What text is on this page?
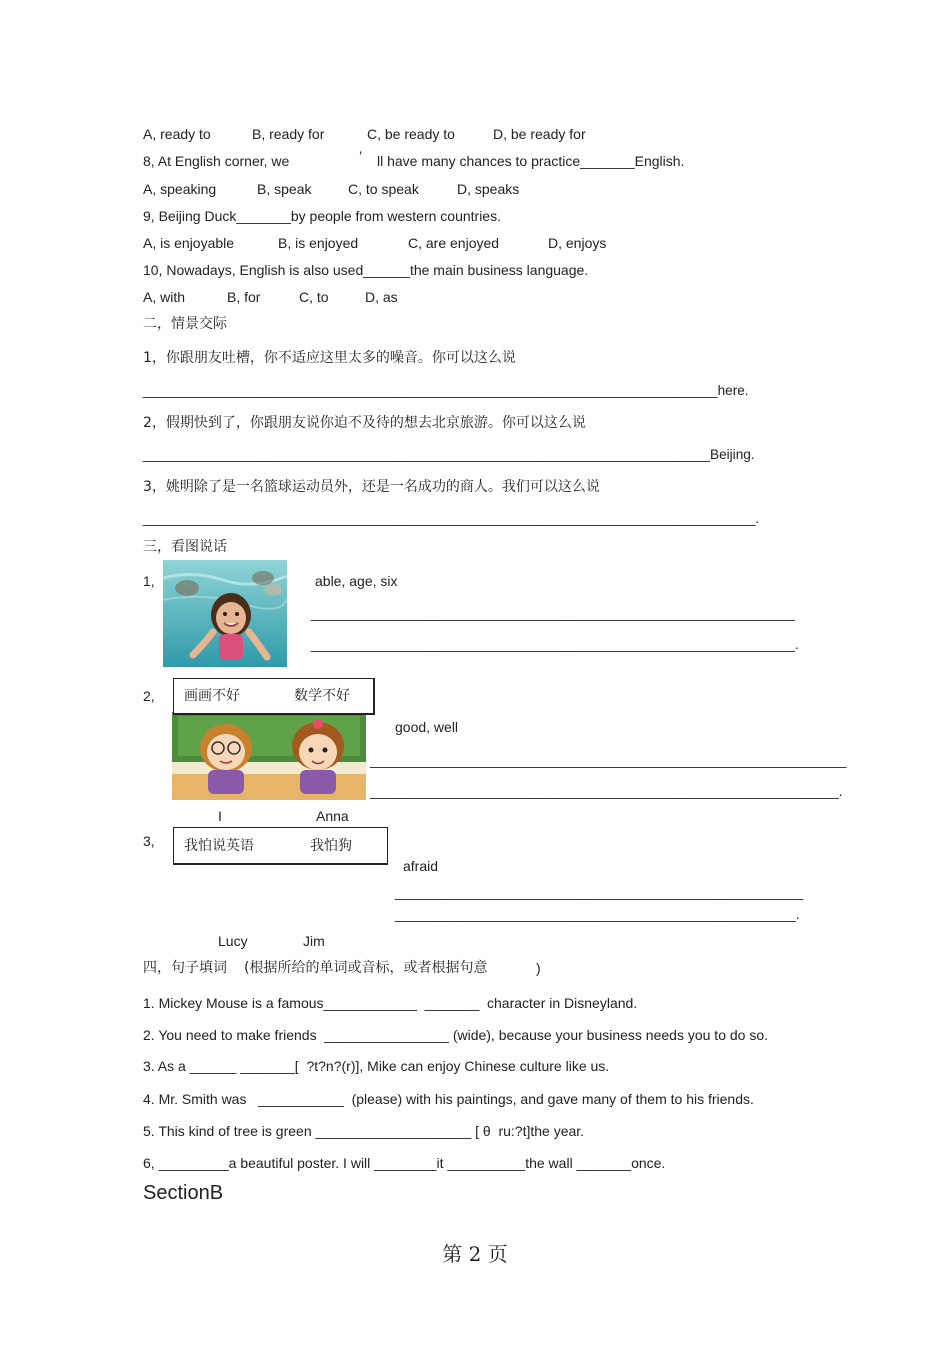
A, ready to	B, ready for	C, be ready to	D, be ready for
8, At English corner, we	’ ll have many chances to practice_______English.
A, speaking	B, speak	C, to speak	D, speaks
9, Beijing Duck_______by people from western countries.
A, is enjoyable	B, is enjoyed	C, are enjoyed	D, enjoys
10, Nowadays, English is also used______the main business language.
A, with	B, for	C, to	D, as
二，情景交际
1，你跟朋友吐槽，你不适应这里太多的噪音。你可以这么说
____________________________________________________________________________here.
2，假期快到了，你跟朋友说你迫不及待的想去北京旅游。你可以这么说
___________________________________________________________________________Beijing.
3，姚明除了是一名篮球运动员外，还是一名成功的商人。我们可以这么说
_________________________________________________________________________________.
三，看图说话
1,	able, age, six
________________________________________________________________
________________________________________________________________.
2, 画画不好	数学不好
good, well
_______________________________________________________________
______________________________________________________________.
I	Anna
3, 我怕说英语	我怕狗
afraid
______________________________________________________
_____________________________________________________.
Lucy	Jim
四，句子填词 (根据所给的单词或音标，或者根据句意	)
1. Mickey Mouse is a famous____________  _______  character in Disneyland.
2. You need to make friends  ________________ (wide), because your business needs you to do so.
3. As a ______ _______[  ?t?n?(r)], Mike can enjoy Chinese culture like us.
4. Mr. Smith was   ___________  (please) with his paintings, and gave many of them to his friends.
5. This kind of tree is green ____________________ [ θ  ru:?t]the year.
6, _________a beautiful poster. I will ________it __________the wall _______once.
SectionB
第 2 页
